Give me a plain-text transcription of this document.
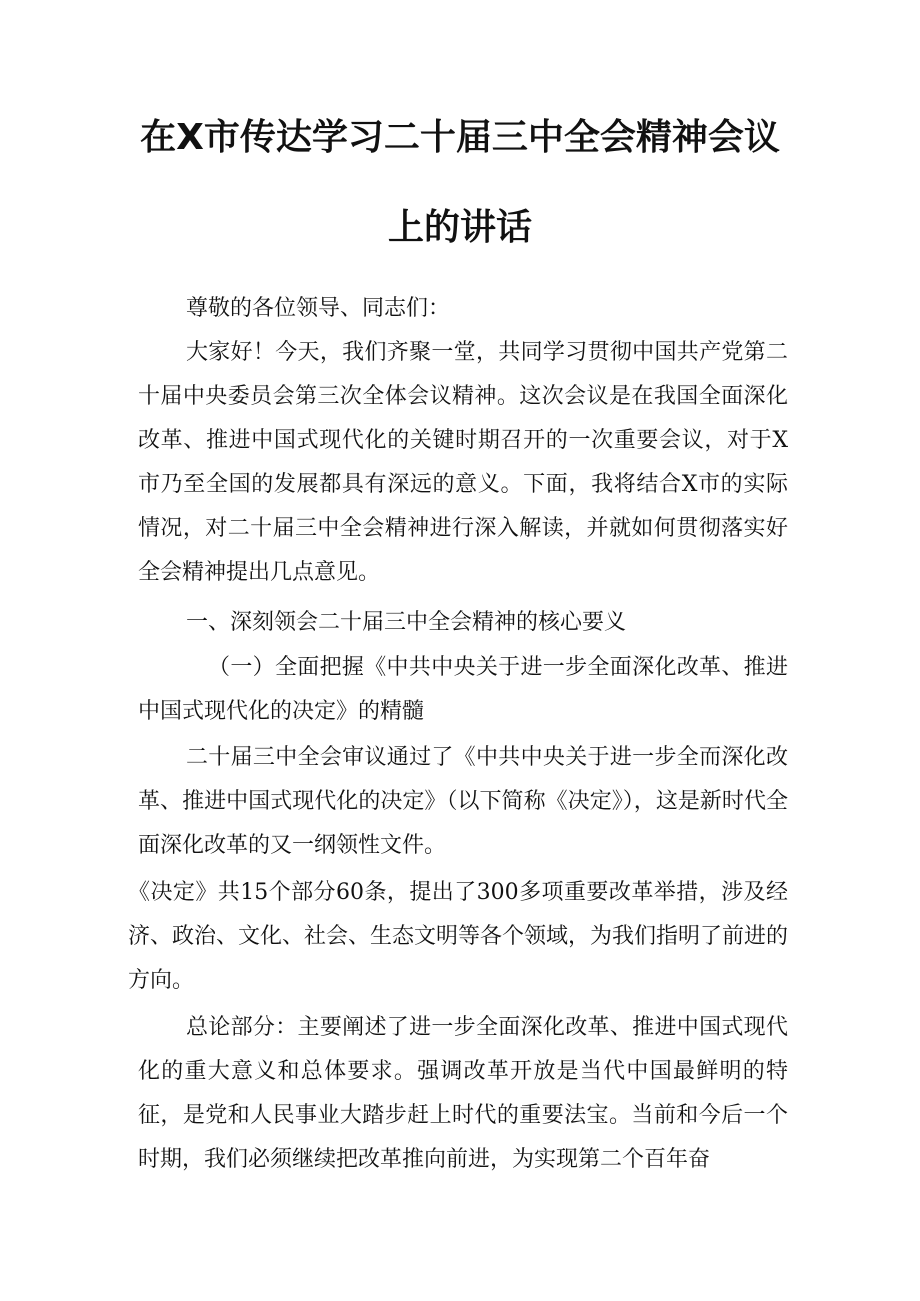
在X市传达学习二十届三中全会精神会议
上的讲话

尊敬的各位领导、同志们：

大家好！今天，我们齐聚一堂，共同学习贯彻中国共产党第二十届中央委员会第三次全体会议精神。这次会议是在我国全面深化改革、推进中国式现代化的关键时期召开的一次重要会议，对于X市乃至全国的发展都具有深远的意义。下面，我将结合X市的实际情况，对二十届三中全会精神进行深入解读，并就如何贯彻落实好全会精神提出几点意见。

一、深刻领会二十届三中全会精神的核心要义

（一）全面把握《中共中央关于进一步全面深化改革、推进中国式现代化的决定》的精髓

二十届三中全会审议通过了《中共中央关于进一步全而深化改革、推进中国式现代化的决定》（以下简称《决定》），这是新时代全面深化改革的又一纲领性文件。

《决定》共15个部分60条，提出了300多项重要改革举措，涉及经济、政治、文化、社会、生态文明等各个领域，为我们指明了前进的方向。

总论部分：主要阐述了进一步全面深化改革、推进中国式现代化的重大意义和总体要求。强调改革开放是当代中国最鲜明的特征，是党和人民事业大踏步赶上时代的重要法宝。当前和今后一个时期，我们必须继续把改革推向前进，为实现第二个百年奋
